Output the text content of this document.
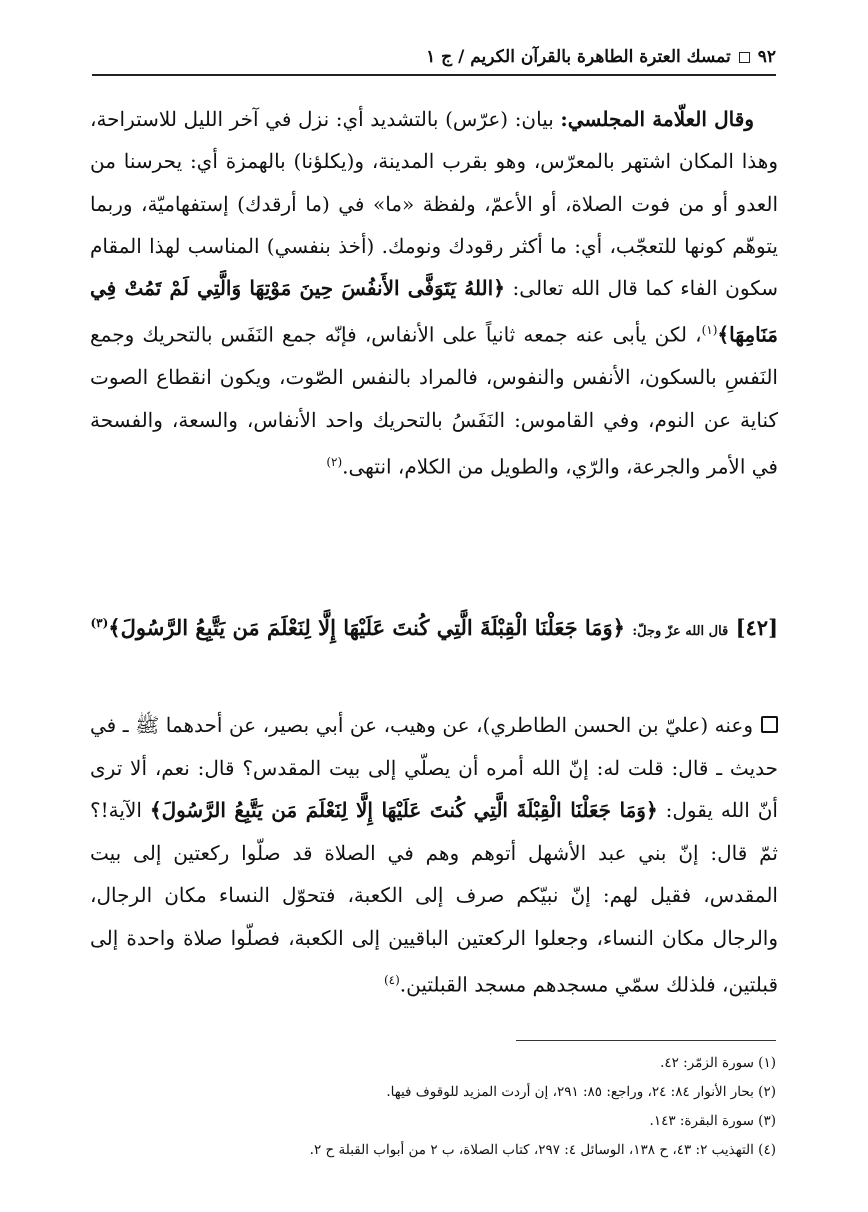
٩٢
تمسك العترة الطاهرة بالقرآن الكريم / ج ١

وقال العلّامة المجلسي: بيان: (عرّس) بالتشديد أي: نزل في آخر الليل للاستراحة، وهذا المكان اشتهر بالمعرّس، وهو بقرب المدينة، و(يكلؤنا) بالهمزة أي: يحرسنا من العدو أو من فوت الصلاة، أو الأعمّ، ولفظة «ما» في (ما أرقدك) إستفهاميّة، وربما يتوهّم كونها للتعجّب، أي: ما أكثر رقودك ونومك. (أخذ بنفسي) المناسب لهذا المقام سكون الفاء كما قال الله تعالى: ﴿اللهُ يَتَوَفَّى الأَنفُسَ حِينَ مَوْتِهَا وَالَّتِي لَمْ تَمُتْ فِي مَنَامِهَا﴾$^{(١)}$، لكن يأبى عنه جمعه ثانياً على الأنفاس، فإنّه جمع النَفَس بالتحريك وجمع النَفسِ بالسكون، الأنفس والنفوس، فالمراد بالنفس الصّوت، ويكون انقطاع الصوت كناية عن النوم، وفي القاموس: النَفَسُ بالتحريك واحد الأنفاس، والسعة، والفسحة في الأمر والجرعة، والرّي، والطويل من الكلام، انتهى.$^{(٢)}$

[٤٢] قال الله عزّ وجلّ: ﴿وَمَا جَعَلْنَا الْقِبْلَةَ الَّتِي كُنتَ عَلَيْهَا إِلَّا لِنَعْلَمَ مَن يَتَّبِعُ الرَّسُولَ﴾$^{(٣)}$

وعنه (عليّ بن الحسن الطاطري)، عن وهيب، عن أبي بصير، عن أحدهما ﷺ ـ في حديث ـ قال: قلت له: إنّ الله أمره أن يصلّي إلى بيت المقدس؟ قال: نعم، ألا ترى أنّ الله يقول: ﴿وَمَا جَعَلْنَا الْقِبْلَةَ الَّتِي كُنتَ عَلَيْهَا إِلَّا لِنَعْلَمَ مَن يَتَّبِعُ الرَّسُولَ﴾ الآية!؟ ثمّ قال: إنّ بني عبد الأشهل أتوهم وهم في الصلاة قد صلّوا ركعتين إلى بيت المقدس، فقيل لهم: إنّ نبيّكم صرف إلى الكعبة، فتحوّل النساء مكان الرجال، والرجال مكان النساء، وجعلوا الركعتين الباقيين إلى الكعبة، فصلّوا صلاة واحدة إلى قبلتين، فلذلك سمّي مسجدهم مسجد القبلتين.$^{(٤)}$

(١) سورة الزمّر: ٤٢.
(٢) بحار الأنوار ٨٤: ٢٤، وراجع: ٨٥: ٢٩١، إن أردت المزيد للوقوف فيها.
(٣) سورة البقرة: ١٤٣.
(٤) التهذيب ٢: ٤٣، ح ١٣٨، الوسائل ٤: ٢٩٧، كتاب الصلاة، ب ٢ من أبواب القبلة ح ٢.
